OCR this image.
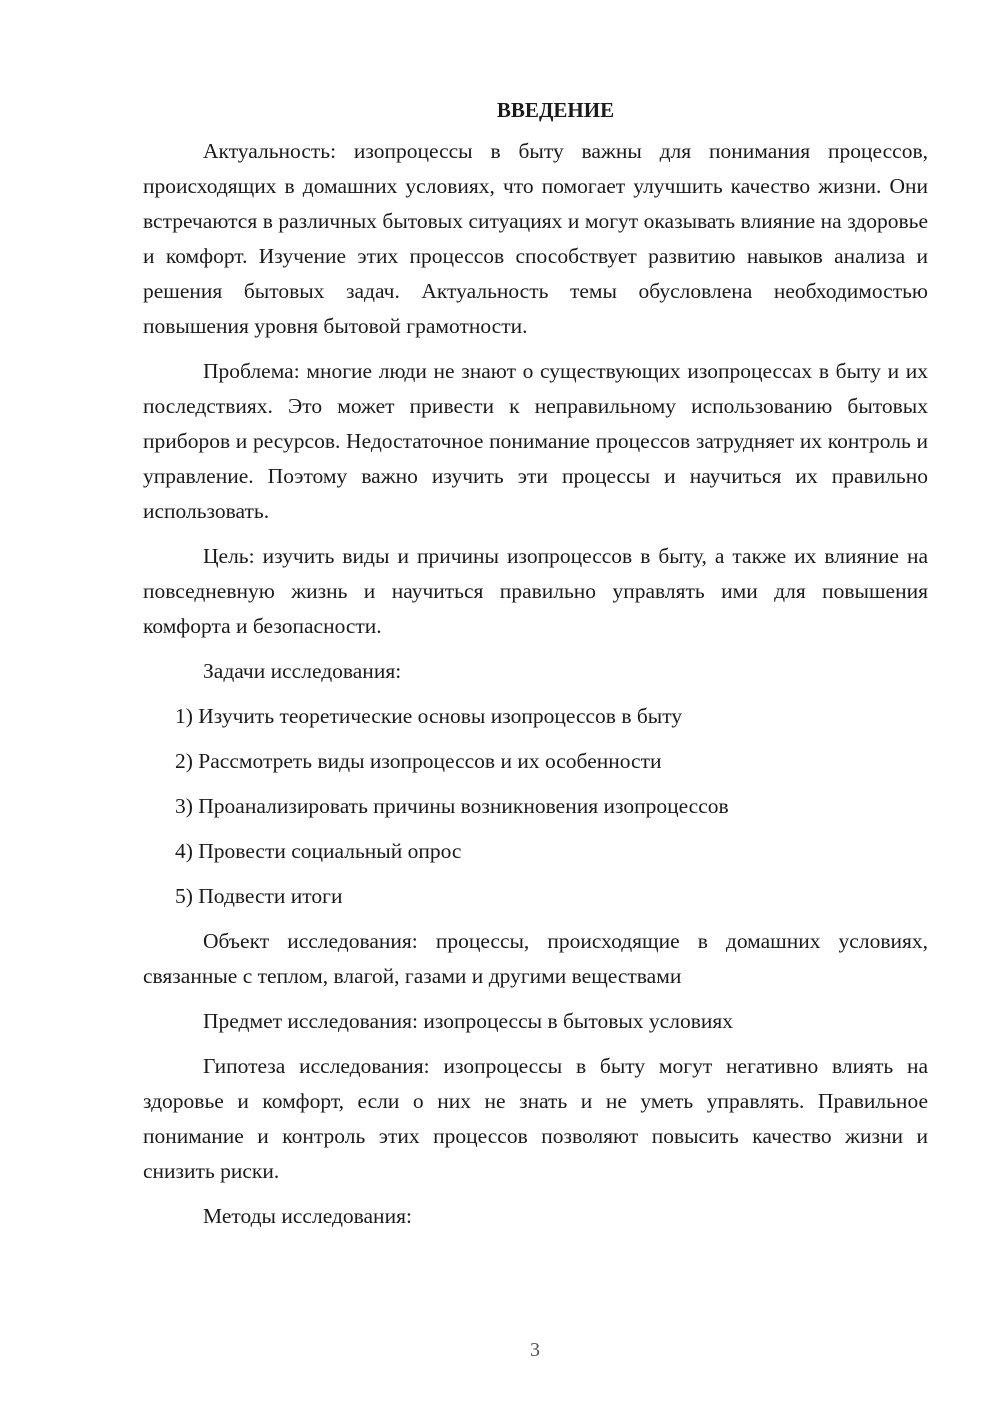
ВВЕДЕНИЕ

Актуальность: изопроцессы в быту важны для понимания процессов, происходящих в домашних условиях, что помогает улучшить качество жизни. Они встречаются в различных бытовых ситуациях и могут оказывать влияние на здоровье и комфорт. Изучение этих процессов способствует развитию навыков анализа и решения бытовых задач. Актуальность темы обусловлена необходимостью повышения уровня бытовой грамотности.

Проблема: многие люди не знают о существующих изопроцессах в быту и их последствиях. Это может привести к неправильному использованию бытовых приборов и ресурсов. Недостаточное понимание процессов затрудняет их контроль и управление. Поэтому важно изучить эти процессы и научиться их правильно использовать.

Цель: изучить виды и причины изопроцессов в быту, а также их влияние на повседневную жизнь и научиться правильно управлять ими для повышения комфорта и безопасности.

Задачи исследования:

1) Изучить теоретические основы изопроцессов в быту
2) Рассмотреть виды изопроцессов и их особенности
3) Проанализировать причины возникновения изопроцессов
4) Провести социальный опрос
5) Подвести итоги

Объект исследования: процессы, происходящие в домашних условиях, связанные с теплом, влагой, газами и другими веществами

Предмет исследования: изопроцессы в бытовых условиях

Гипотеза исследования: изопроцессы в быту могут негативно влиять на здоровье и комфорт, если о них не знать и не уметь управлять. Правильное понимание и контроль этих процессов позволяют повысить качество жизни и снизить риски.

Методы исследования:

3
